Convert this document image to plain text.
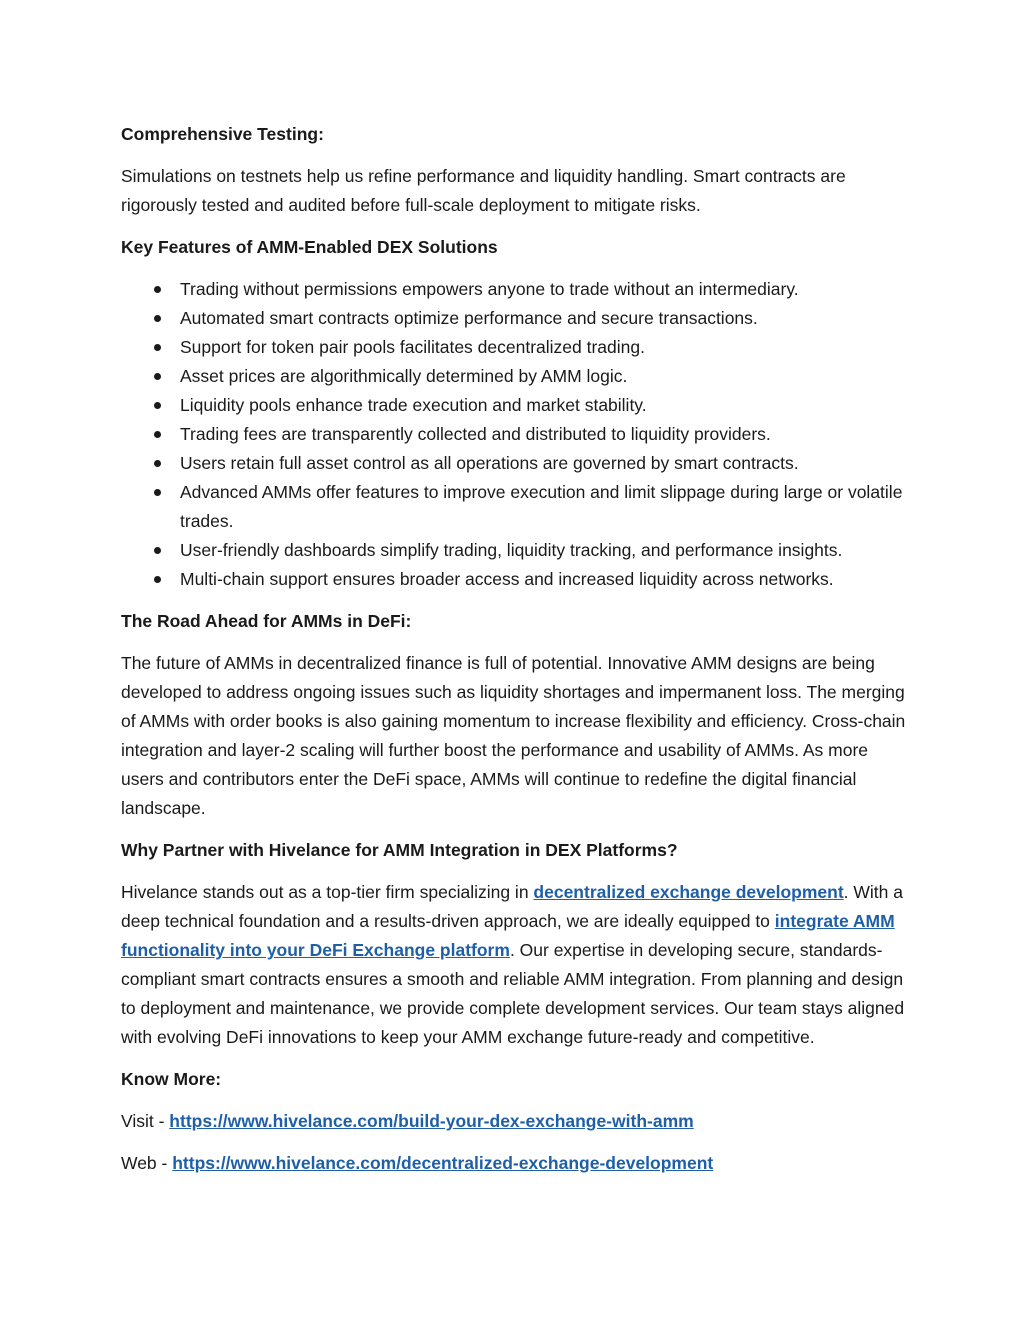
Comprehensive Testing:

Simulations on testnets help us refine performance and liquidity handling. Smart contracts are rigorously tested and audited before full-scale deployment to mitigate risks.

Key Features of AMM-Enabled DEX Solutions
Trading without permissions empowers anyone to trade without an intermediary.
Automated smart contracts optimize performance and secure transactions.
Support for token pair pools facilitates decentralized trading.
Asset prices are algorithmically determined by AMM logic.
Liquidity pools enhance trade execution and market stability.
Trading fees are transparently collected and distributed to liquidity providers.
Users retain full asset control as all operations are governed by smart contracts.
Advanced AMMs offer features to improve execution and limit slippage during large or volatile trades.
User-friendly dashboards simplify trading, liquidity tracking, and performance insights.
Multi-chain support ensures broader access and increased liquidity across networks.
The Road Ahead for AMMs in DeFi:

The future of AMMs in decentralized finance is full of potential. Innovative AMM designs are being developed to address ongoing issues such as liquidity shortages and impermanent loss. The merging of AMMs with order books is also gaining momentum to increase flexibility and efficiency. Cross-chain integration and layer-2 scaling will further boost the performance and usability of AMMs. As more users and contributors enter the DeFi space, AMMs will continue to redefine the digital financial landscape.

Why Partner with Hivelance for AMM Integration in DEX Platforms?

Hivelance stands out as a top-tier firm specializing in decentralized exchange development. With a deep technical foundation and a results-driven approach, we are ideally equipped to integrate AMM functionality into your DeFi Exchange platform. Our expertise in developing secure, standards-compliant smart contracts ensures a smooth and reliable AMM integration. From planning and design to deployment and maintenance, we provide complete development services. Our team stays aligned with evolving DeFi innovations to keep your AMM exchange future-ready and competitive.

Know More:

Visit - https://www.hivelance.com/build-your-dex-exchange-with-amm

Web - https://www.hivelance.com/decentralized-exchange-development
